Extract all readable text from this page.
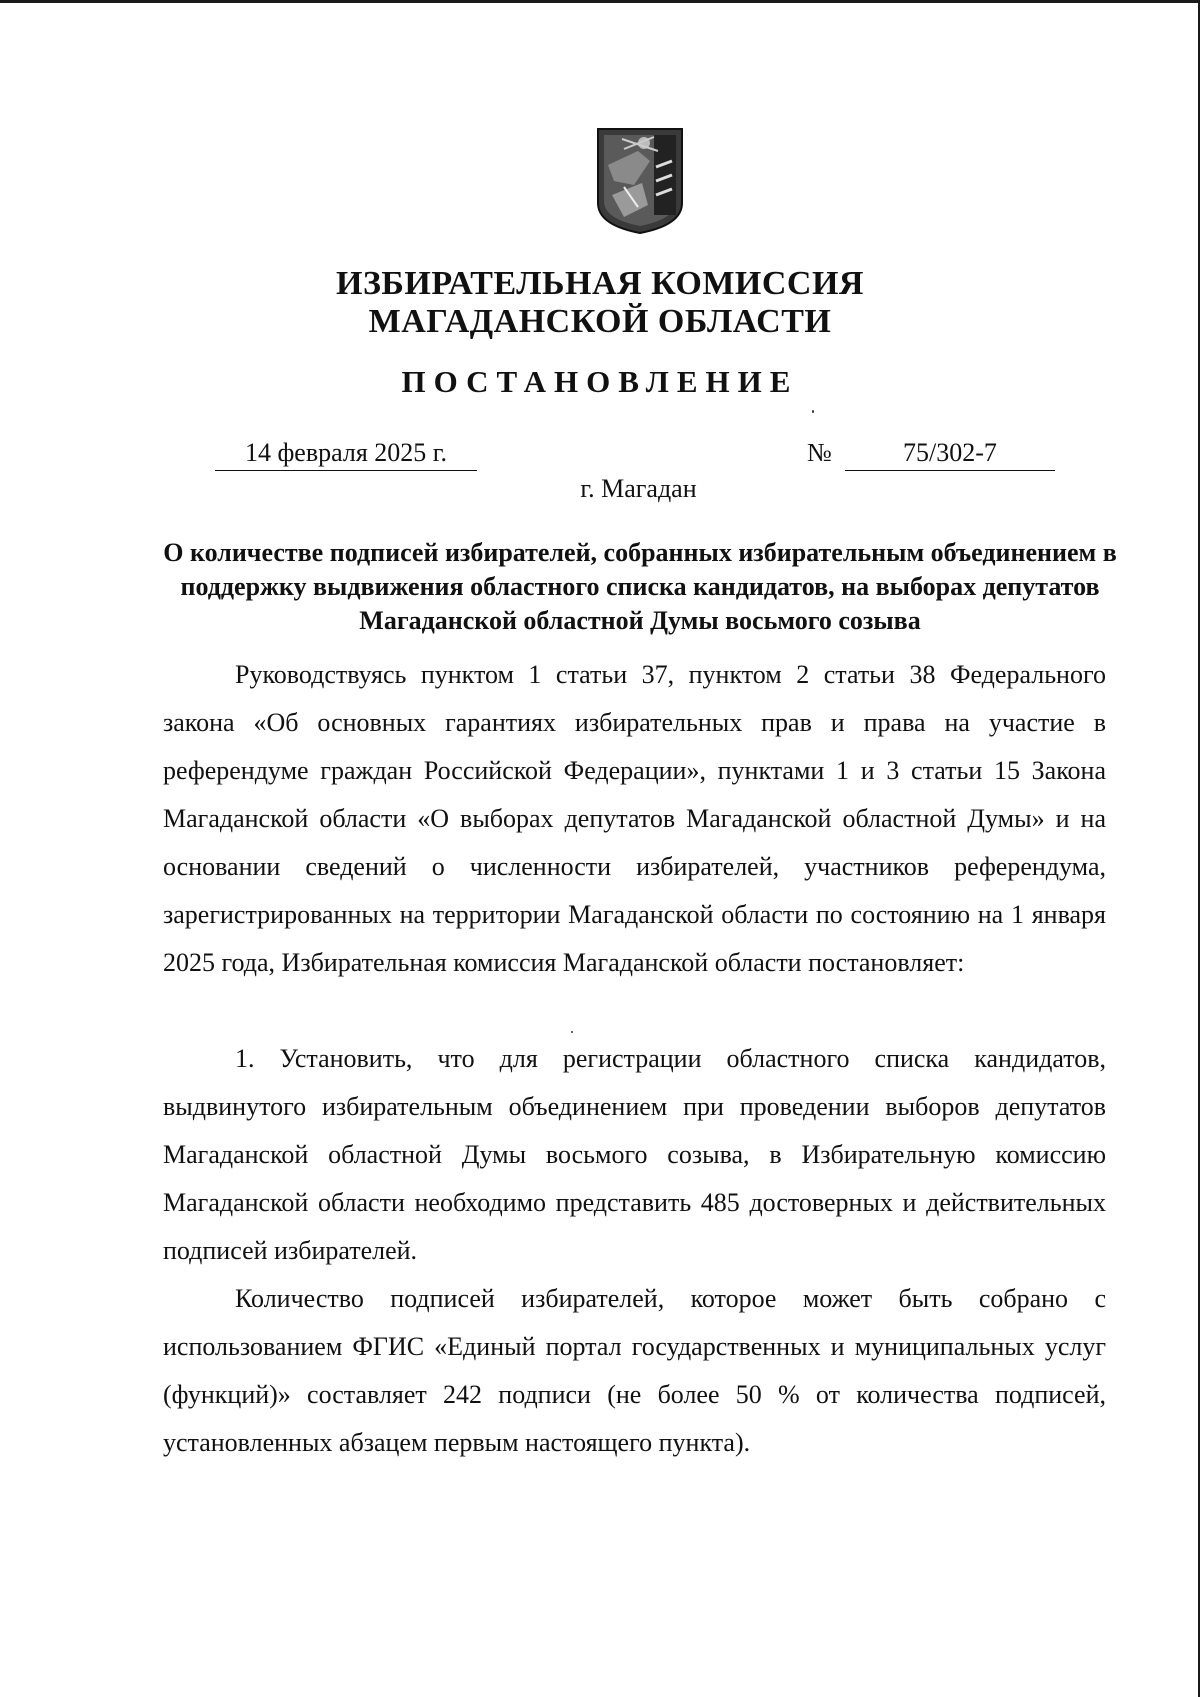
ИЗБИРАТЕЛЬНАЯ КОМИССИЯ
МАГАДАНСКОЙ ОБЛАСТИ
ПОСТАНОВЛЕНИЕ
14 февраля 2025 г.	№	75/302-7
г. Магадан
О количестве подписей избирателей, собранных избирательным объединением в поддержку выдвижения областного списка кандидатов, на выборах депутатов Магаданской областной Думы восьмого созыва

Руководствуясь пунктом 1 статьи 37, пунктом 2 статьи 38 Федерального закона «Об основных гарантиях избирательных прав и права на участие в референдуме граждан Российской Федерации», пунктами 1 и 3 статьи 15 Закона Магаданской области «О выборах депутатов Магаданской областной Думы» и на основании сведений о численности избирателей, участников референдума, зарегистрированных на территории Магаданской области по состоянию на 1 января 2025 года, Избирательная комиссия Магаданской области постановляет:

1. Установить, что для регистрации областного списка кандидатов, выдвинутого избирательным объединением при проведении выборов депутатов Магаданской областной Думы восьмого созыва, в Избирательную комиссию Магаданской области необходимо представить 485 достоверных и действительных подписей избирателей.

Количество подписей избирателей, которое может быть собрано с использованием ФГИС «Единый портал государственных и муниципальных услуг (функций)» составляет 242 подписи (не более 50 % от количества подписей, установленных абзацем первым настоящего пункта).
